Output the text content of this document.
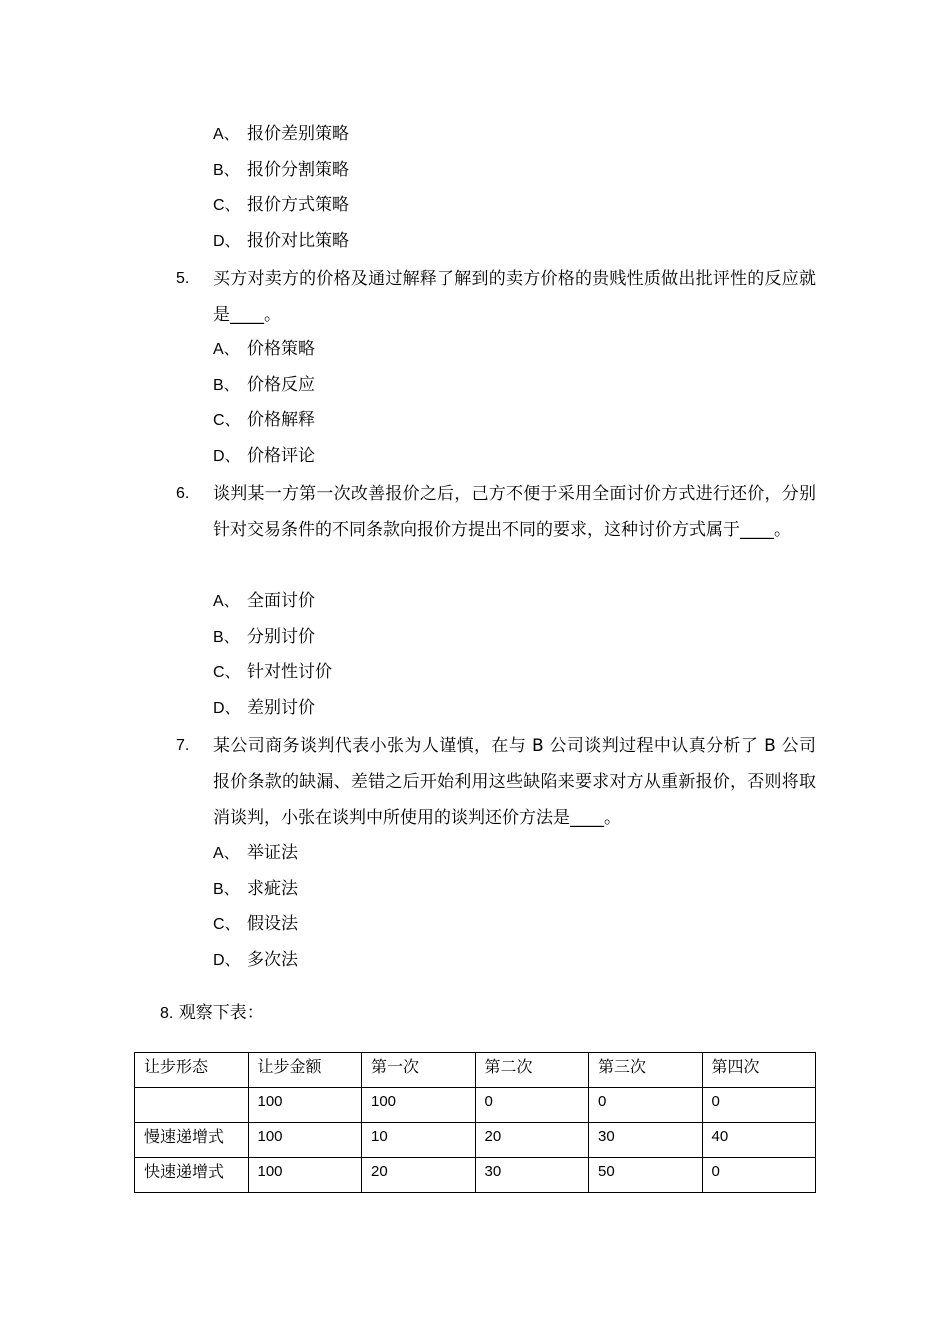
A、 报价差别策略
B、 报价分割策略
C、 报价方式策略
D、 报价对比策略
5. 买方对卖方的价格及通过解释了解到的卖方价格的贵贱性质做出批评性的反应就是____。
A、 价格策略
B、 价格反应
C、 价格解释
D、 价格评论
6. 谈判某一方第一次改善报价之后，己方不便于采用全面讨价方式进行还价，分别针对交易条件的不同条款向报价方提出不同的要求，这种讨价方式属于____。
A、 全面讨价
B、 分别讨价
C、 针对性讨价
D、 差别讨价
7. 某公司商务谈判代表小张为人谨慎，在与 B 公司谈判过程中认真分析了 B 公司报价条款的缺漏、差错之后开始利用这些缺陷来要求对方从重新报价，否则将取消谈判，小张在谈判中所使用的谈判还价方法是____。
A、 举证法
B、 求疵法
C、 假设法
D、 多次法
8. 观察下表：
让步形态	让步金额	第一次	第二次	第三次	第四次
	100	100	0	0	0
慢速递增式	100	10	20	30	40
快速递增式	100	20	30	50	0
